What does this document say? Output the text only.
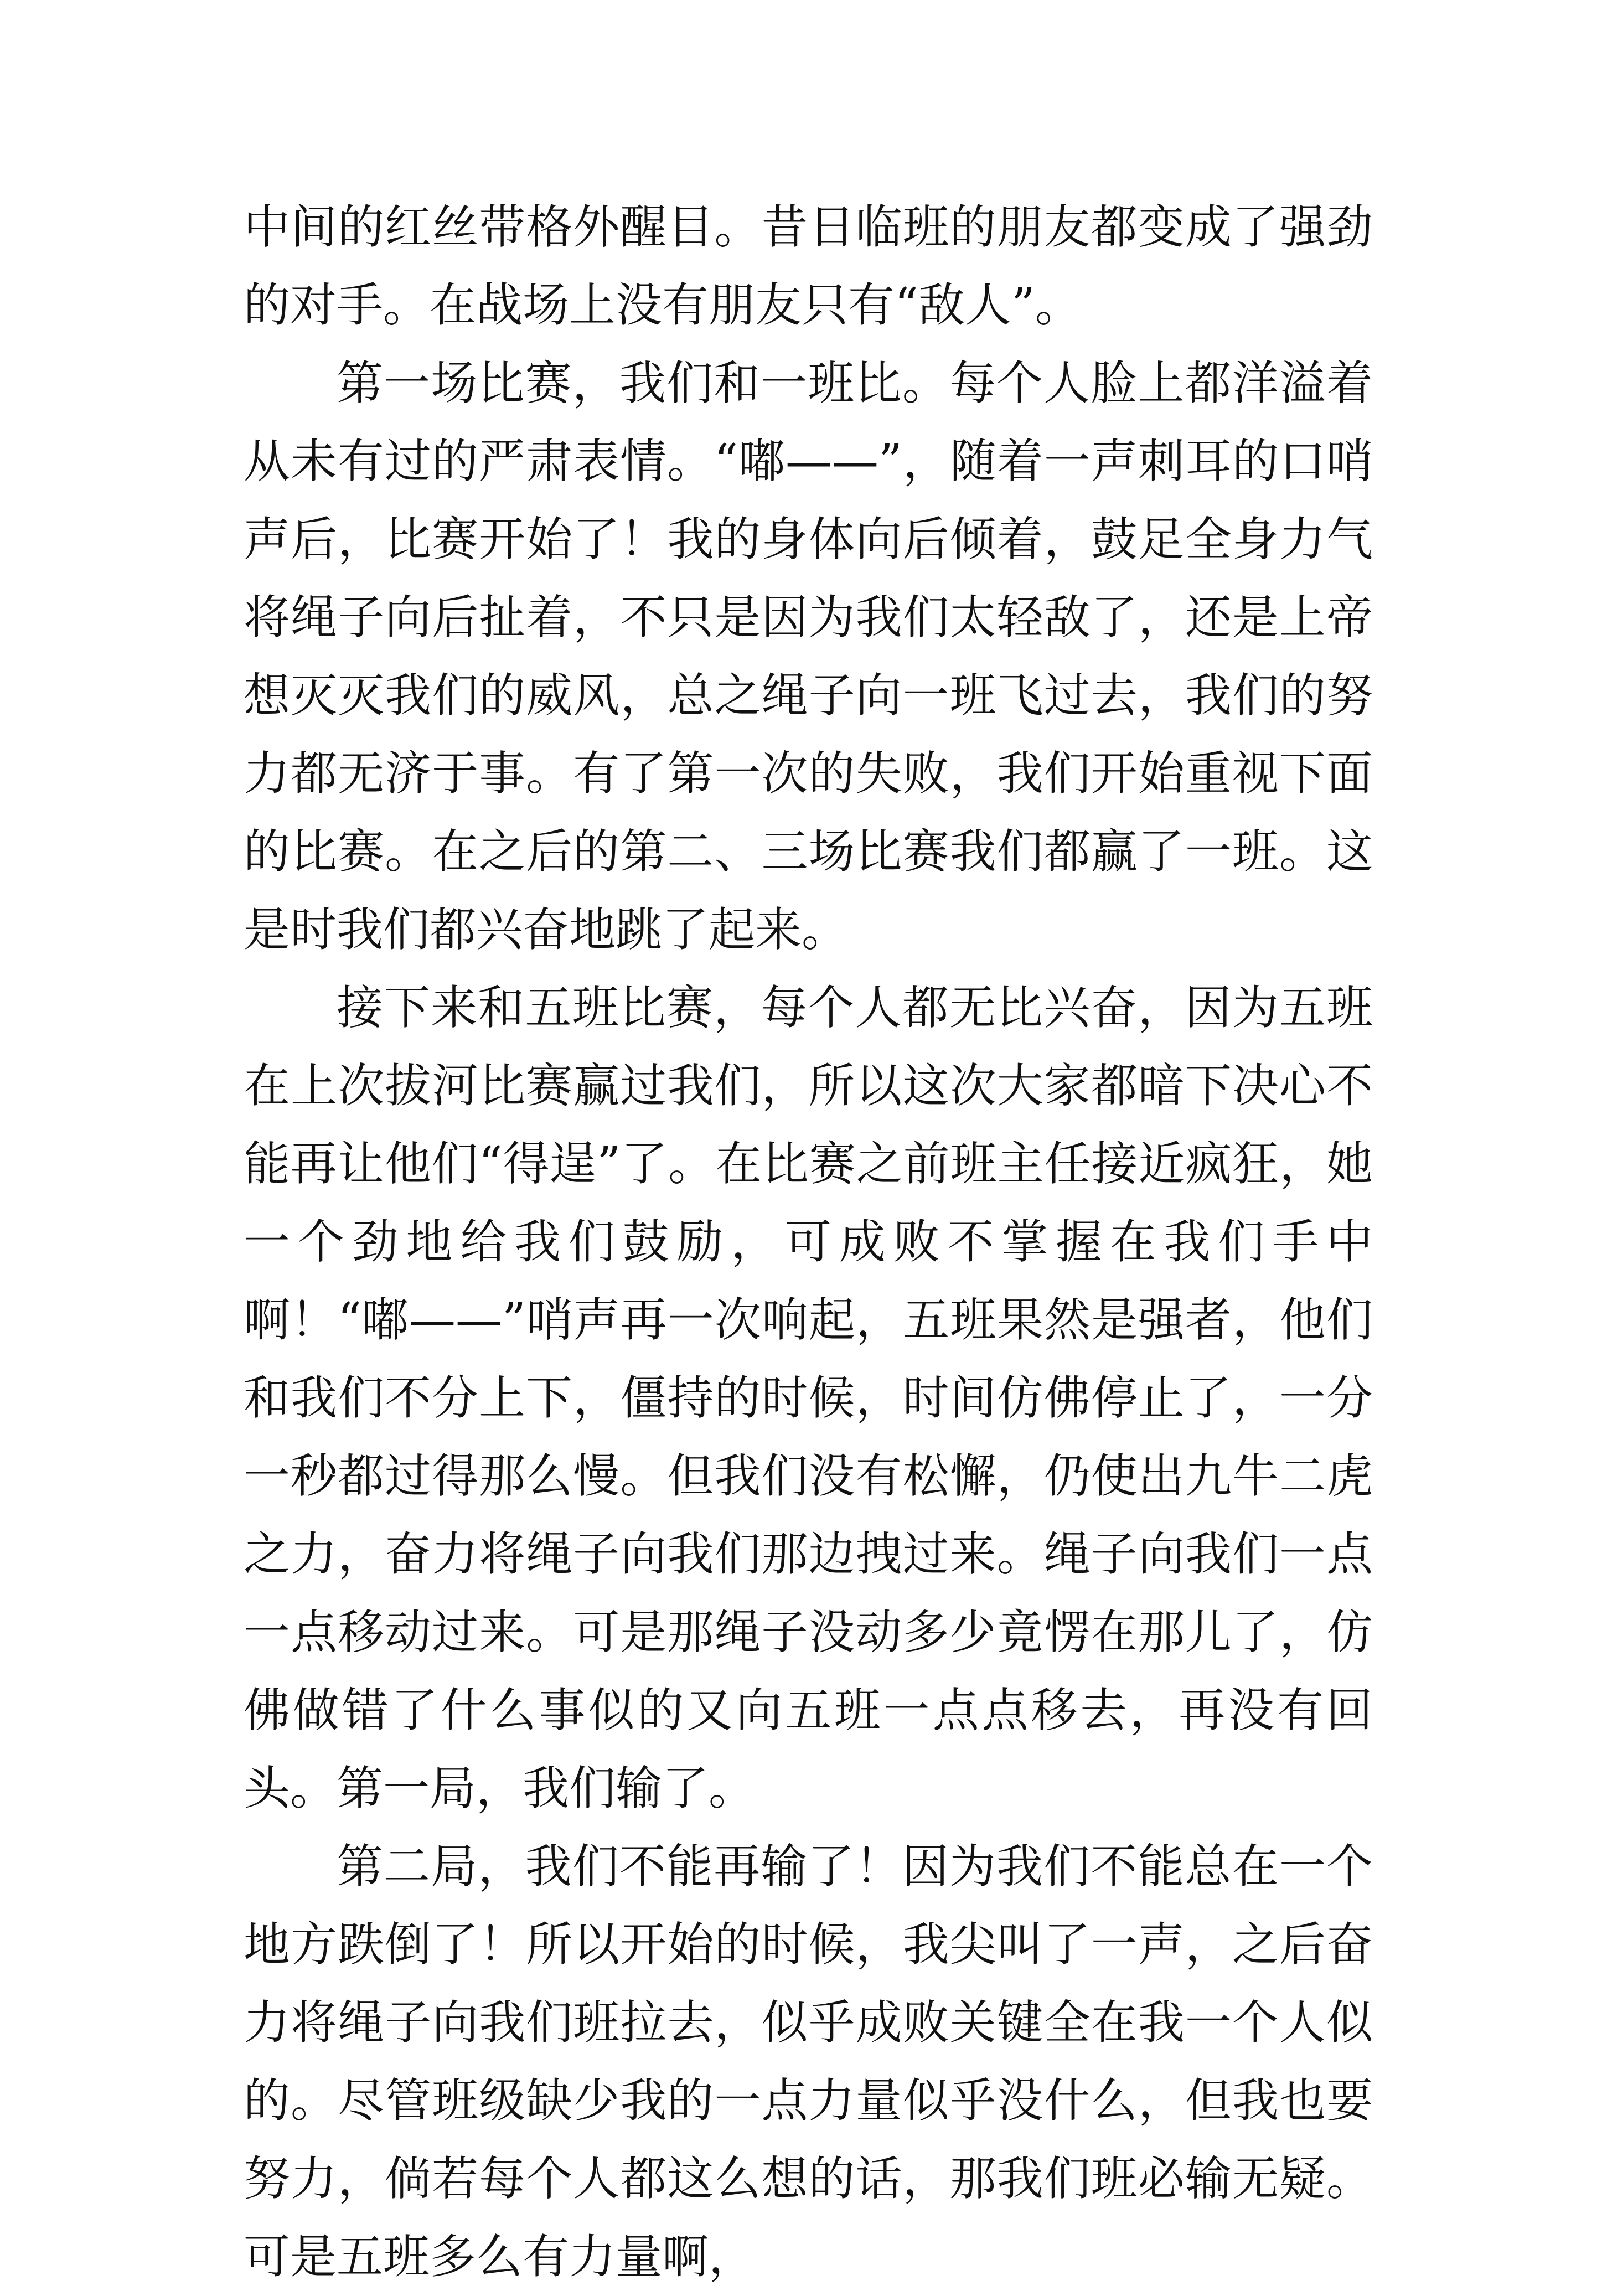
中间的红丝带格外醒目。昔日临班的朋友都变成了强劲的对手。在战场上没有朋友只有“敌人”。

第一场比赛，我们和一班比。每个人脸上都洋溢着从未有过的严肃表情。“嘟——”，随着一声刺耳的口哨声后，比赛开始了！我的身体向后倾着，鼓足全身力气将绳子向后扯着，不只是因为我们太轻敌了，还是上帝想灭灭我们的威风，总之绳子向一班飞过去，我们的努力都无济于事。有了第一次的失败，我们开始重视下面的比赛。在之后的第二、三场比赛我们都赢了一班。这是时我们都兴奋地跳了起来。

接下来和五班比赛，每个人都无比兴奋，因为五班在上次拔河比赛赢过我们，所以这次大家都暗下决心不能再让他们“得逞”了。在比赛之前班主任接近疯狂，她一个劲地给我们鼓励，可成败不掌握在我们手中啊！“嘟——”哨声再一次响起，五班果然是强者，他们和我们不分上下，僵持的时候，时间仿佛停止了，一分一秒都过得那么慢。但我们没有松懈，仍使出九牛二虎之力，奋力将绳子向我们那边拽过来。绳子向我们一点一点移动过来。可是那绳子没动多少竟愣在那儿了，仿佛做错了什么事似的又向五班一点点移去，再没有回头。第一局，我们输了。

第二局，我们不能再输了！因为我们不能总在一个地方跌倒了！所以开始的时候，我尖叫了一声，之后奋力将绳子向我们班拉去，似乎成败关键全在我一个人似的。尽管班级缺少我的一点力量似乎没什么，但我也要努力，倘若每个人都这么想的话，那我们班必输无疑。可是五班多么有力量啊，
